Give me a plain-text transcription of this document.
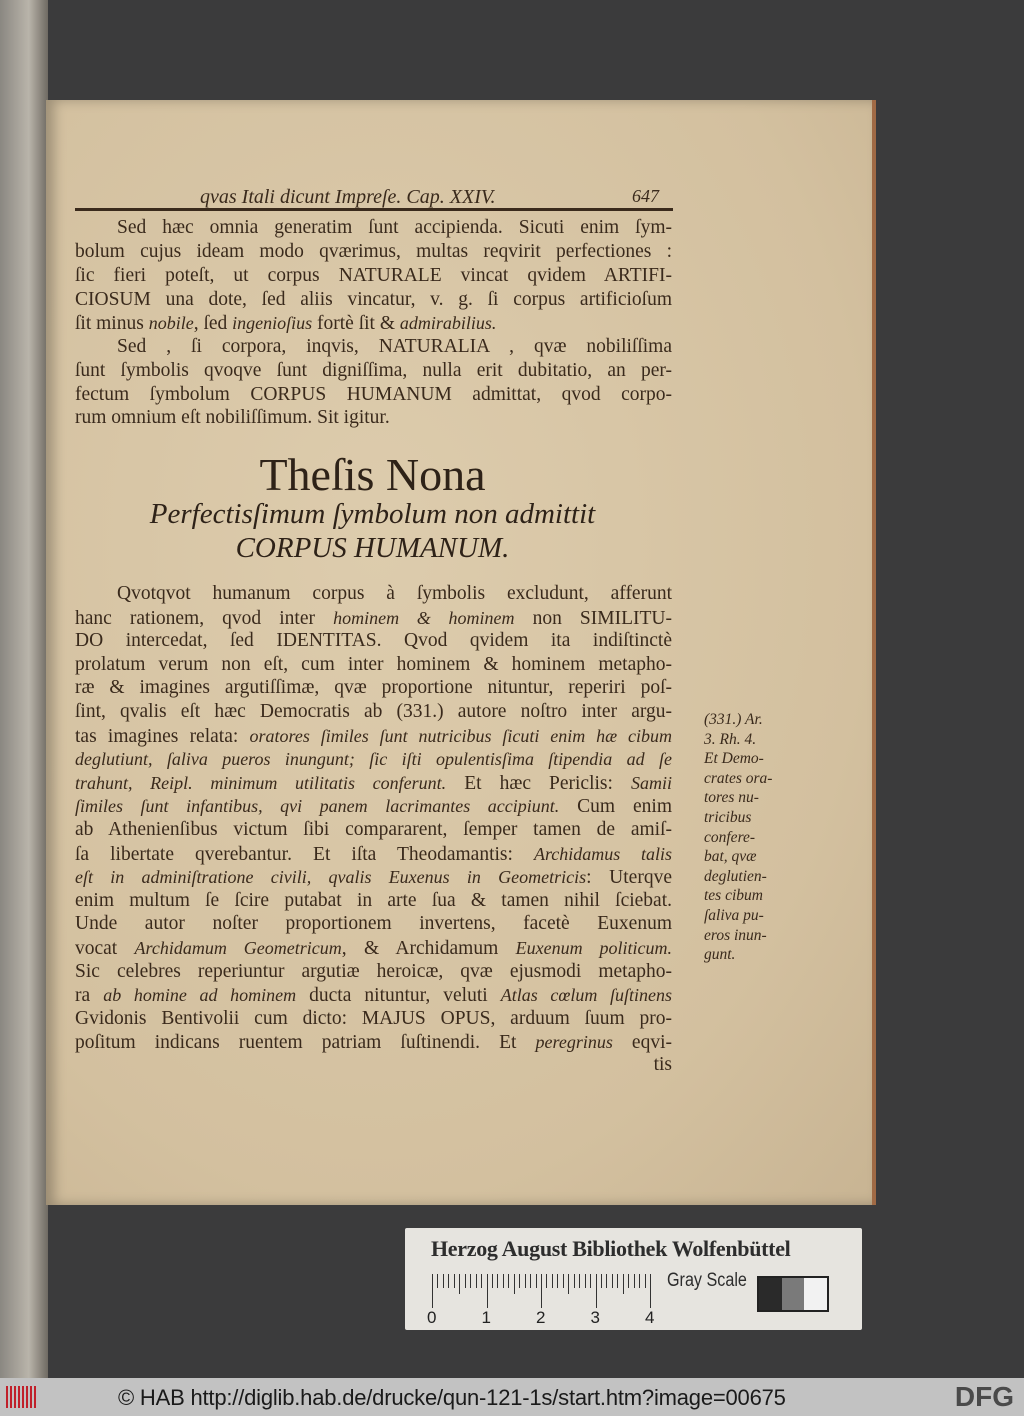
qvas Itali dicunt Impreſe. Cap. XXIV.	647
Sed hæc omnia generatim ſunt accipienda. Sicuti enim ſym-
bolum cujus ideam modo qværimus, multas reqvirit perfectiones :
ſic fieri poteſt, ut corpus NATURALE vincat qvidem ARTIFI-
CIOSUM una dote, ſed aliis vincatur, v. g. ſi corpus artificioſum
ſit minus nobile, ſed ingenioſius fortè ſit & admirabilius.
Sed , ſi corpora, inqvis, NATURALIA , qvæ nobiliſſima
ſunt ſymbolis qvoqve ſunt digniſſima, nulla erit dubitatio, an per-
fectum ſymbolum CORPUS HUMANUM admittat, qvod corpo-
rum omnium eſt nobiliſſimum. Sit igitur.
Theſis Nona
Perfectisſimum ſymbolum non admittit
CORPUS HUMANUM.
Qvotqvot humanum corpus à ſymbolis excludunt, afferunt
hanc rationem, qvod inter hominem & hominem non SIMILITU-
DO intercedat, ſed IDENTITAS. Qvod qvidem ita indiſtinctè
prolatum verum non eſt, cum inter hominem & hominem metapho-
ræ & imagines argutiſſimæ, qvæ proportione nituntur, reperiri poſ-
ſint, qvalis eſt hæc Democratis ab (331.) autore noſtro inter argu-
tas imagines relata: oratores ſimiles ſunt nutricibus ſicuti enim hæ cibum
deglutiunt, ſaliva pueros inungunt; ſic iſti opulentisſima ſtipendia ad ſe
trahunt, Reipl. minimum utilitatis conferunt. Et hæc Periclis: Samii
ſimiles ſunt infantibus, qvi panem lacrimantes accipiunt. Cum enim
ab Athenienſibus victum ſibi compararent, ſemper tamen de amiſ-
ſa libertate qverebantur. Et iſta Theodamantis: Archidamus talis
eſt in adminiſtratione civili, qvalis Euxenus in Geometricis: Uterqve
enim multum ſe ſcire putabat in arte ſua & tamen nihil ſciebat.
Unde autor noſter proportionem invertens, facetè Euxenum
vocat Archidamum Geometricum, & Archidamum Euxenum politicum.
Sic celebres reperiuntur argutiæ heroicæ, qvæ ejusmodi metapho-
ra ab homine ad hominem ducta nituntur, veluti Atlas cœlum ſuſtinens
Gvidonis Bentivolii cum dicto: MAJUS OPUS, arduum ſuum pro-
poſitum indicans ruentem patriam ſuſtinendi. Et peregrinus eqvi-
tis
(331.) Ar.
3. Rh. 4.
Et Demo-
crates ora-
tores nu-
tricibus
confere-
bat, qvæ
deglutien-
tes cibum
ſaliva pu-
eros inun-
gunt.
Herzog August Bibliothek Wolfenbüttel
Gray Scale
0	1	2	3	4
© HAB http://diglib.hab.de/drucke/qun-121-1s/start.htm?image=00675	DFG
